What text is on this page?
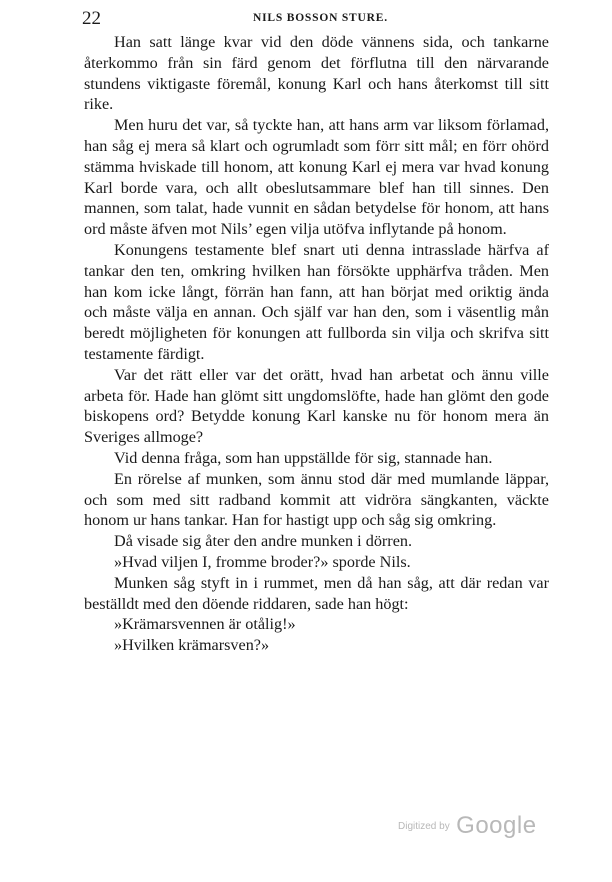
22	NILS BOSSON STURE.

Han satt länge kvar vid den döde vännens sida, och tankarne återkommo från sin färd genom det förflutna till den närvarande stundens viktigaste föremål, konung Karl och hans återkomst till sitt rike.

Men huru det var, så tyckte han, att hans arm var liksom förlamad, han såg ej mera så klart och ogrumladt som förr sitt mål; en förr ohörd stämma hviskade till honom, att konung Karl ej mera var hvad konung Karl borde vara, och allt obeslutsammare blef han till sinnes. Den mannen, som talat, hade vunnit en sådan betydelse för honom, att hans ord måste äfven mot Nils’ egen vilja utöfva inflytande på honom.

Konungens testamente blef snart uti denna intrasslade härfva af tankar den ten, omkring hvilken han försökte upphärfva tråden. Men han kom icke långt, förrän han fann, att han börjat med oriktig ända och måste välja en annan. Och själf var han den, som i väsentlig mån beredt möjligheten för konungen att fullborda sin vilja och skrifva sitt testamente färdigt.

Var det rätt eller var det orätt, hvad han arbetat och ännu ville arbeta för. Hade han glömt sitt ungdomslöfte, hade han glömt den gode biskopens ord? Betydde konung Karl kanske nu för honom mera än Sveriges allmoge?

Vid denna fråga, som han uppställde för sig, stannade han.

En rörelse af munken, som ännu stod där med mumlande läppar, och som med sitt radband kommit att vidröra sängkanten, väckte honom ur hans tankar. Han for hastigt upp och såg sig omkring.

Då visade sig åter den andre munken i dörren.

»Hvad viljen I, fromme broder?» sporde Nils.

Munken såg styft in i rummet, men då han såg, att där redan var beställdt med den döende riddaren, sade han högt:

»Krämarsvennen är otålig!»

»Hvilken krämarsven?»

$^{Digitized by}$ Google
